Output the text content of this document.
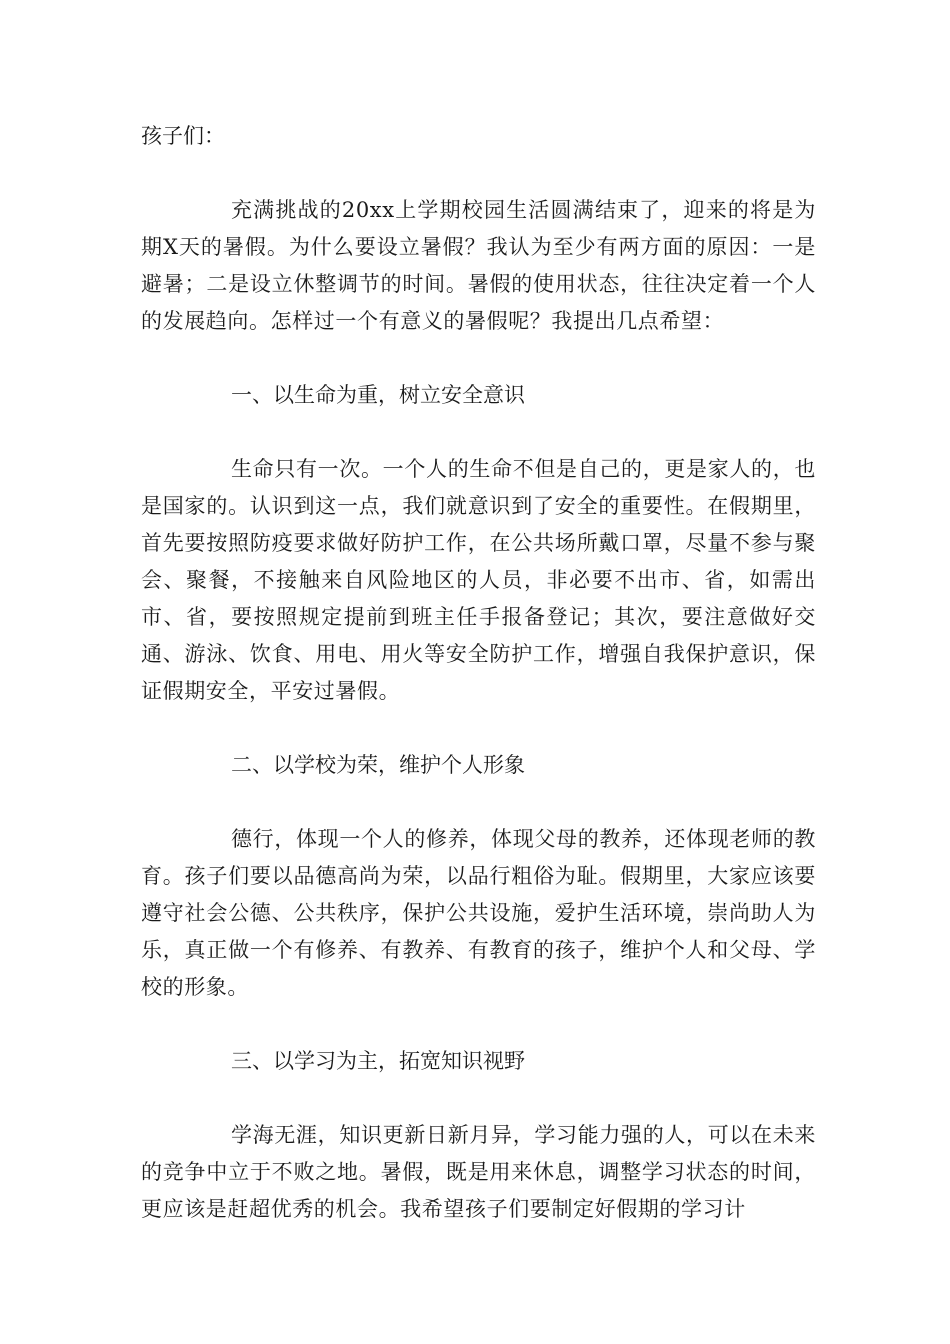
孩子们：

充满挑战的20xx上学期校园生活圆满结束了，迎来的将是为期X天的暑假。为什么要设立暑假？我认为至少有两方面的原因：一是避暑；二是设立休整调节的时间。暑假的使用状态，往往决定着一个人的发展趋向。怎样过一个有意义的暑假呢？我提出几点希望：

一、以生命为重，树立安全意识

生命只有一次。一个人的生命不但是自己的，更是家人的，也是国家的。认识到这一点，我们就意识到了安全的重要性。在假期里，首先要按照防疫要求做好防护工作，在公共场所戴口罩，尽量不参与聚会、聚餐，不接触来自风险地区的人员，非必要不出市、省，如需出市、省，要按照规定提前到班主任手报备登记；其次，要注意做好交通、游泳、饮食、用电、用火等安全防护工作，增强自我保护意识，保证假期安全，平安过暑假。

二、以学校为荣，维护个人形象

德行，体现一个人的修养，体现父母的教养，还体现老师的教育。孩子们要以品德高尚为荣，以品行粗俗为耻。假期里，大家应该要遵守社会公德、公共秩序，保护公共设施，爱护生活环境，崇尚助人为乐，真正做一个有修养、有教养、有教育的孩子，维护个人和父母、学校的形象。

三、以学习为主，拓宽知识视野

学海无涯，知识更新日新月异，学习能力强的人，可以在未来的竞争中立于不败之地。暑假，既是用来休息，调整学习状态的时间，更应该是赶超优秀的机会。我希望孩子们要制定好假期的学习计
